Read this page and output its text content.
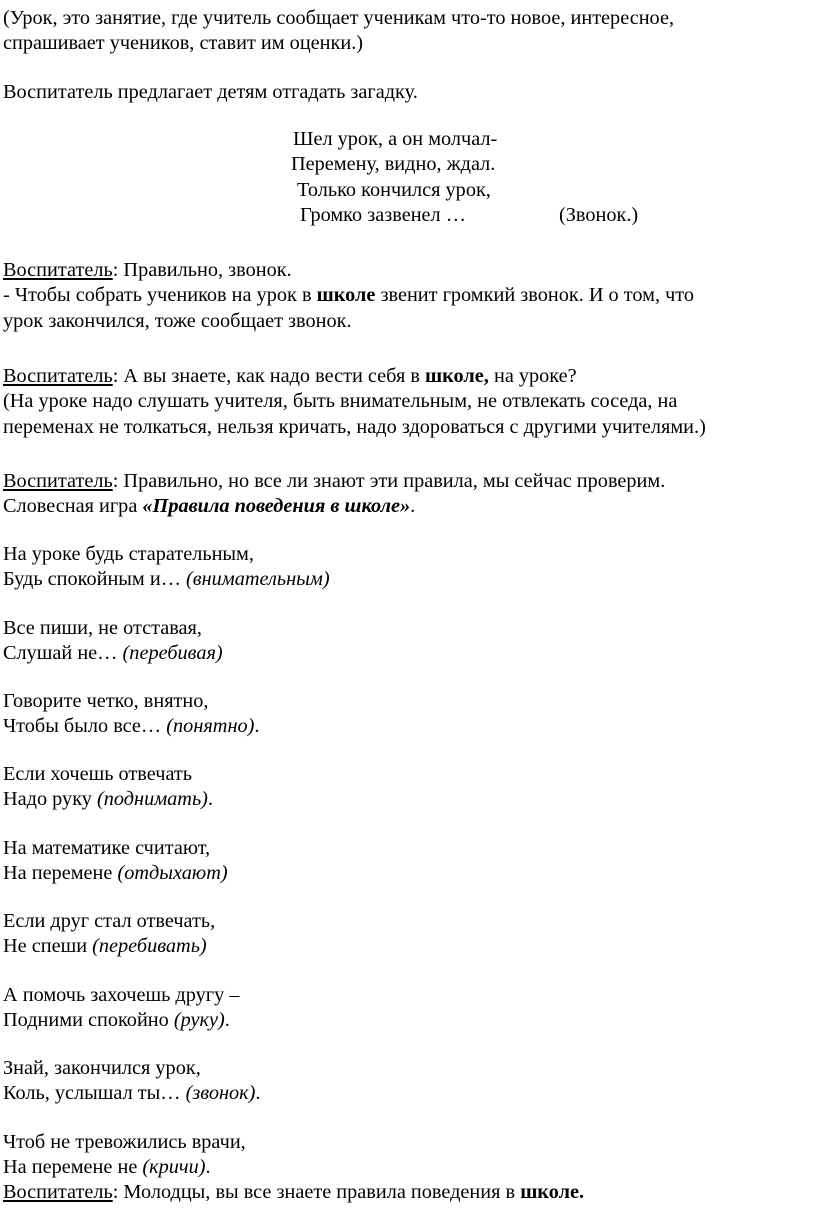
(Урок, это занятие, где учитель сообщает ученикам что-то новое, интересное,
спрашивает учеников, ставит им оценки.)
Воспитатель предлагает детям отгадать загадку.
Шел урок, а он молчал-
Перемену, видно, ждал.
Только кончился урок,
Громко зазвенел …	(Звонок.)
Воспитатель: Правильно, звонок.
- Чтобы собрать учеников на урок в школе звенит громкий звонок. И о том, что
урок закончился, тоже сообщает звонок.
Воспитатель: А вы знаете, как надо вести себя в школе, на уроке?
(На уроке надо слушать учителя, быть внимательным, не отвлекать соседа, на
переменах не толкаться, нельзя кричать, надо здороваться с другими учителями.)
Воспитатель: Правильно, но все ли знают эти правила, мы сейчас проверим.
Словесная игра «Правила поведения в школе».
На уроке будь старательным,
Будь спокойным и… (внимательным)
Все пиши, не отставая,
Слушай не… (перебивая)
Говорите четко, внятно,
Чтобы было все… (понятно).
Если хочешь отвечать
Надо руку (поднимать).
На математике считают,
На перемене (отдыхают)
Если друг стал отвечать,
Не спеши (перебивать)
А помочь захочешь другу –
Подними спокойно (руку).
Знай, закончился урок,
Коль, услышал ты… (звонок).
Чтоб не тревожились врачи,
На перемене не (кричи).
Воспитатель: Молодцы, вы все знаете правила поведения в школе.
